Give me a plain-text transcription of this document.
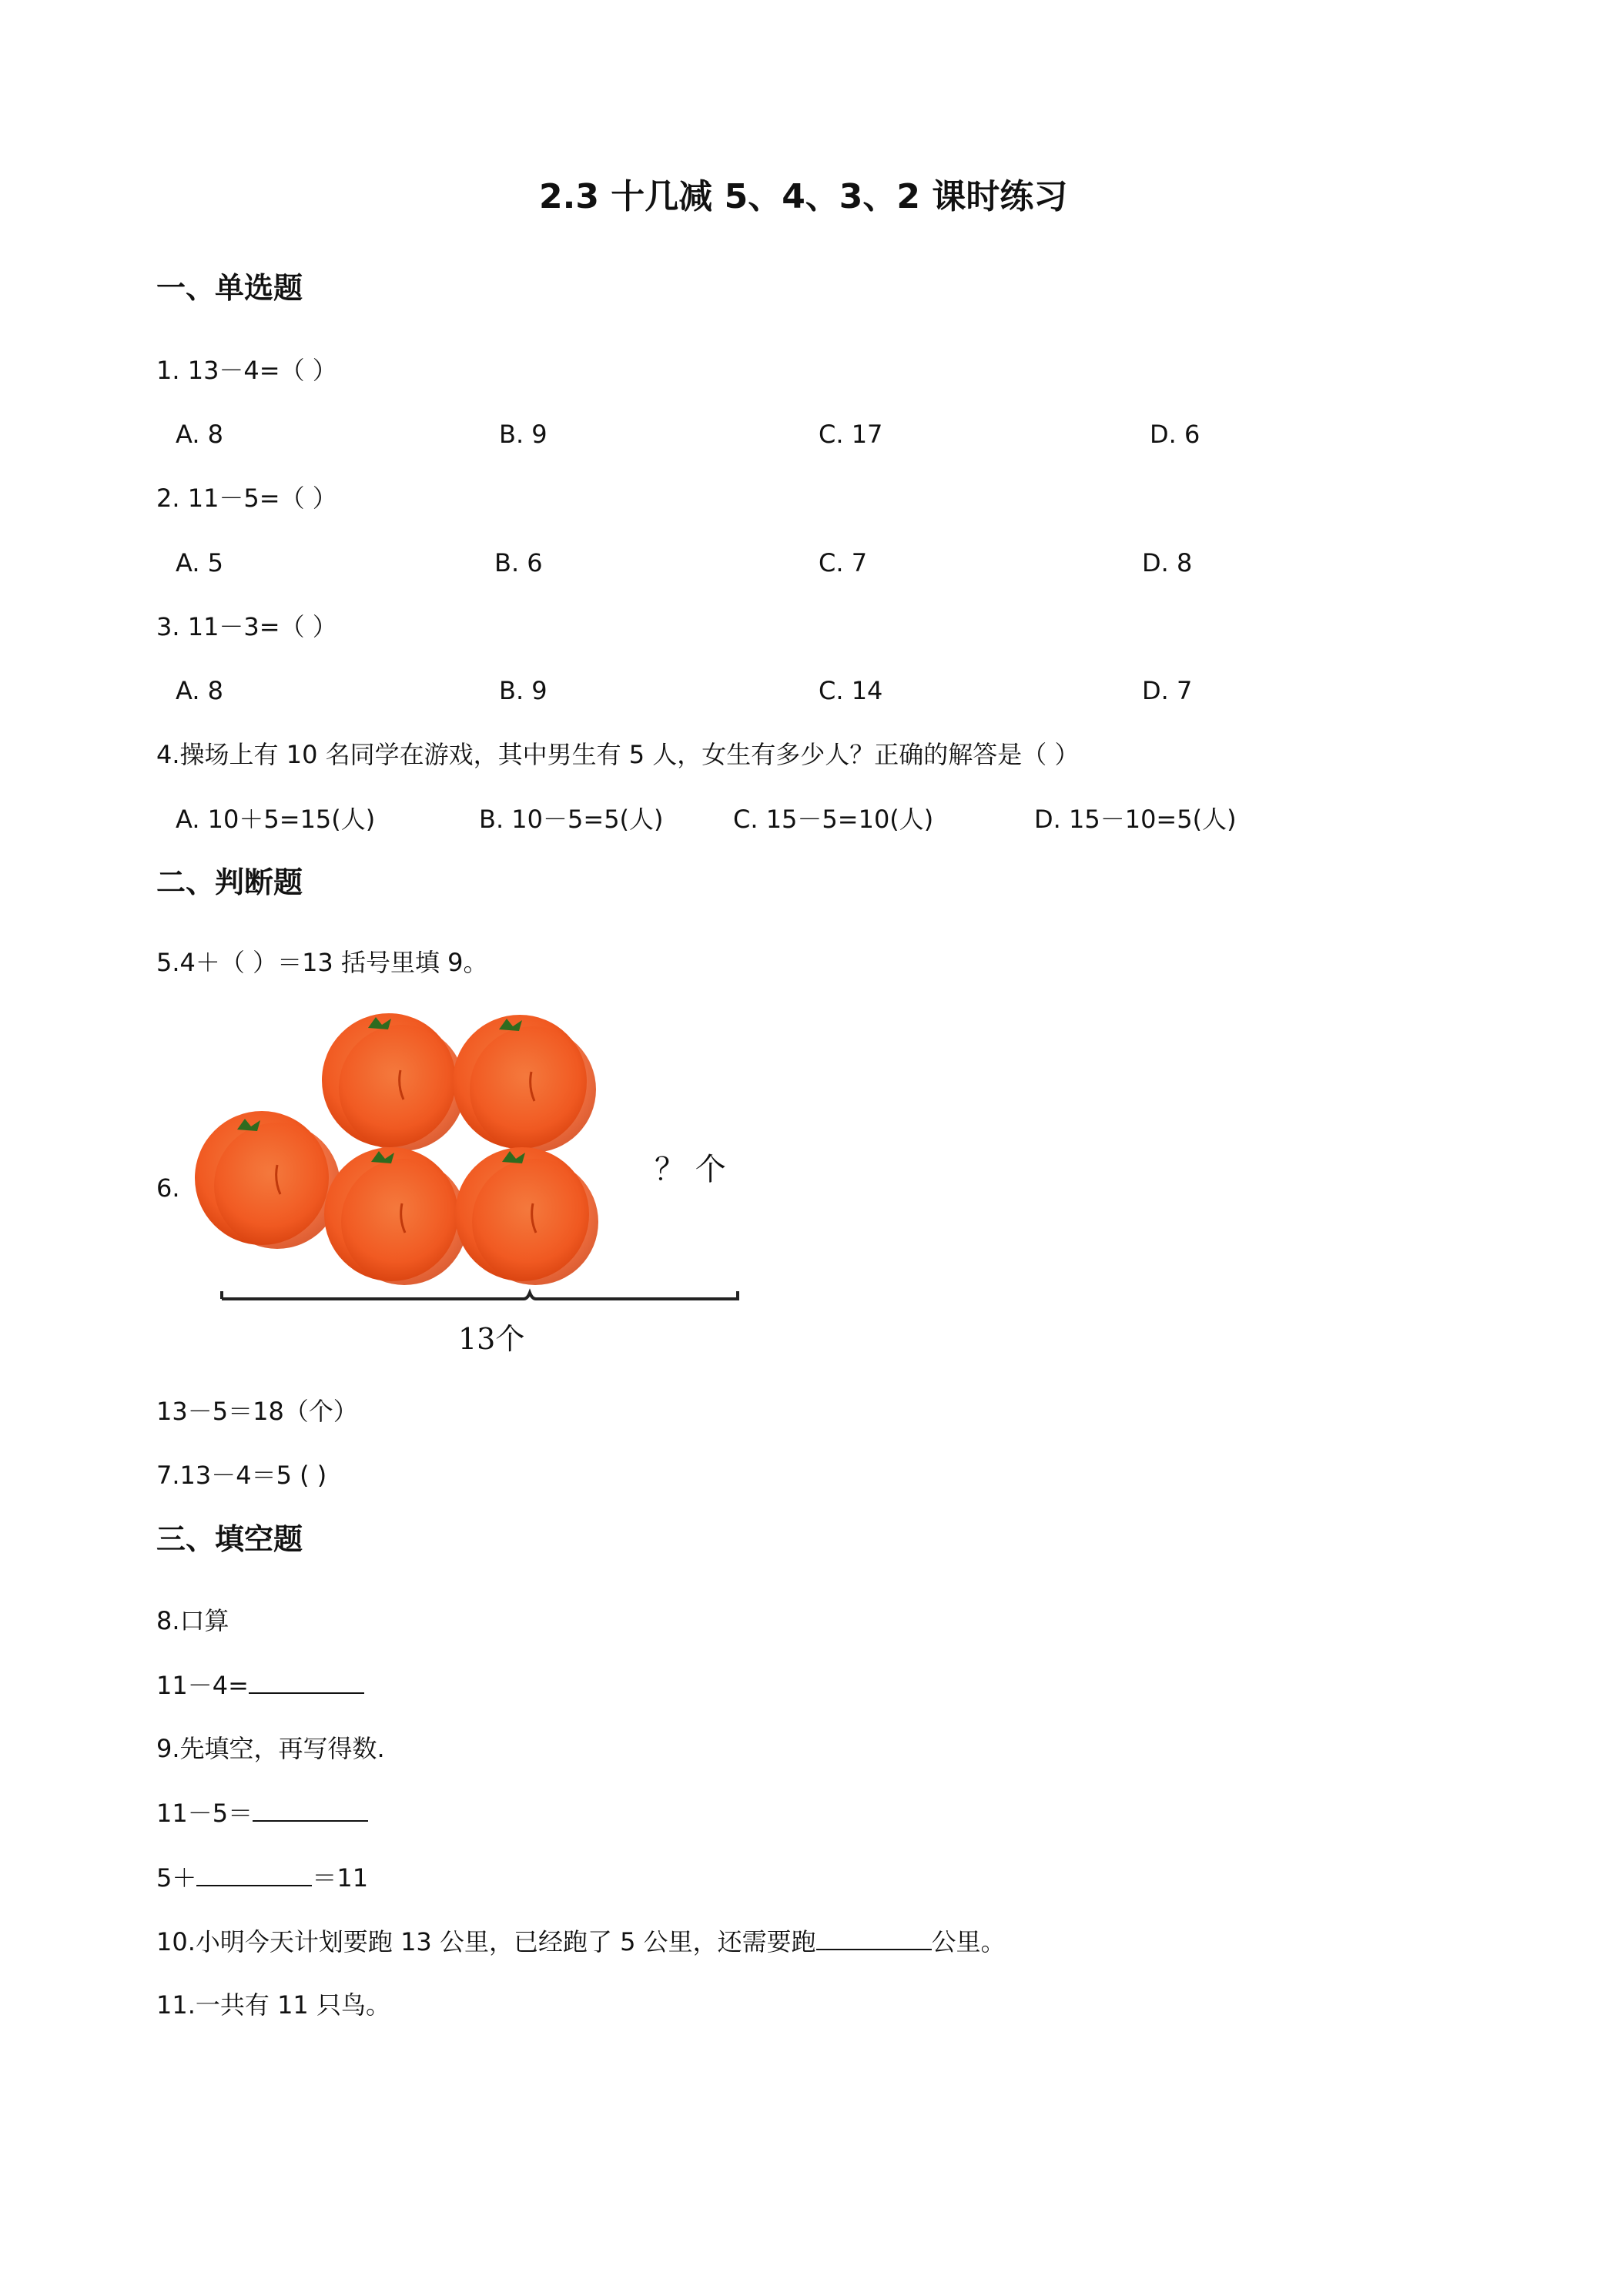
2.3 十几减 5、4、3、2 课时练习
一、单选题
1. 13－4=（ ）
A. 8	B. 9	C. 17	D. 6
2. 11－5=（ ）
A. 5	B. 6	C. 7	D. 8
3. 11－3=（ ）
A. 8	B. 9	C. 14	D. 7
4.操场上有 10 名同学在游戏，其中男生有 5 人，女生有多少人？正确的解答是（ ）
A. 10＋5=15(人)	B. 10－5=5(人)	C. 15－5=10(人)	D. 15－10=5(人)
二、判断题
5.4＋（ ）＝13 括号里填 9。
6.
？ 个
13个
13－5＝18（个）
7.13－4＝5 ( )
三、填空题
8.口算
11－4=
9.先填空，再写得数.
11－5＝
5＋	＝11
10.小明今天计划要跑 13 公里，已经跑了 5 公里，还需要跑	公里。
11.一共有 11 只鸟。
